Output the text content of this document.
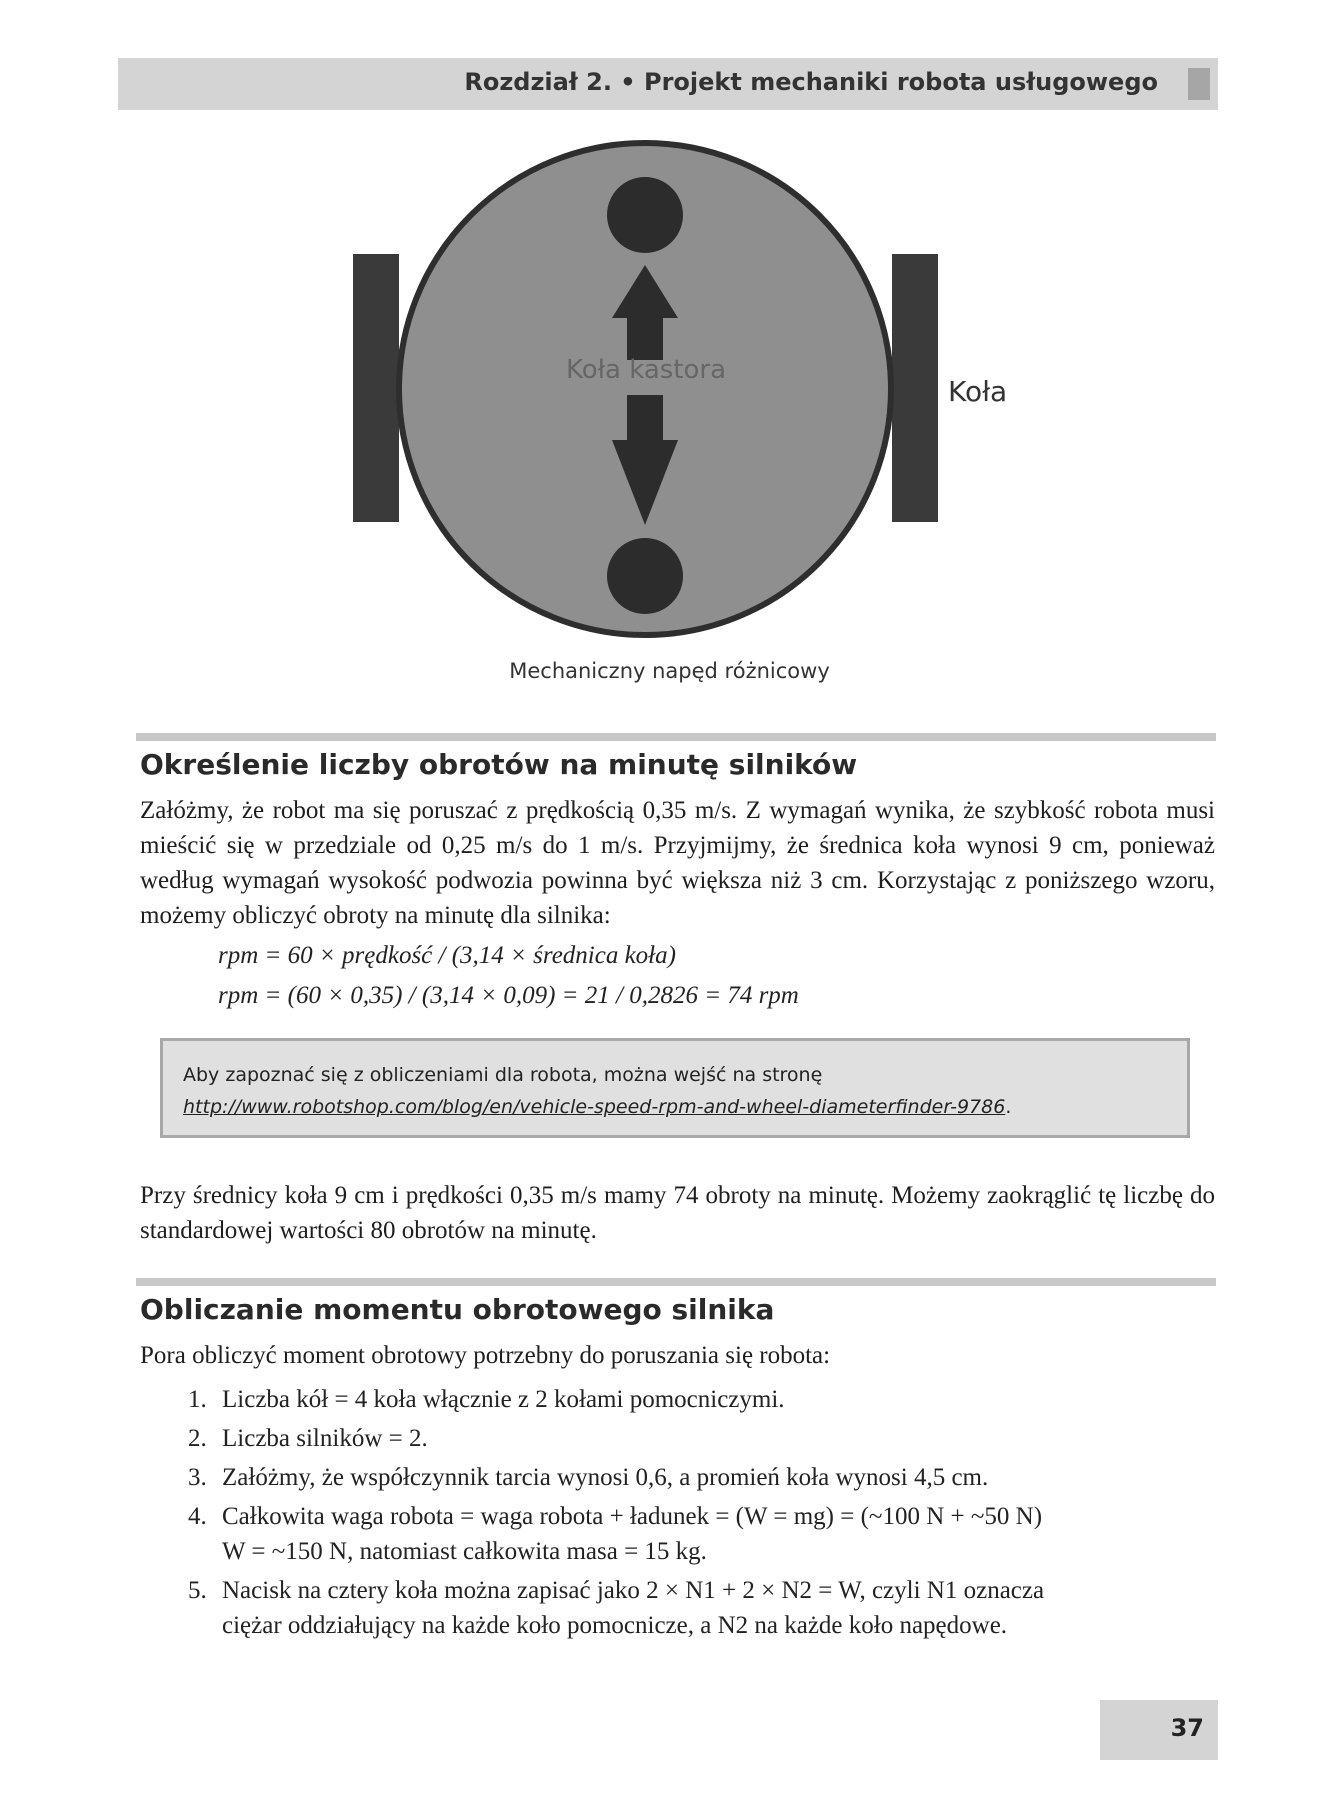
Rozdział 2. • Projekt mechaniki robota usługowego
Koła kastora
Koła
Mechaniczny napęd różnicowy
Określenie liczby obrotów na minutę silników
Załóżmy, że robot ma się poruszać z prędkością 0,35 m/s. Z wymagań wynika, że szybkość robota musi mieścić się w przedziale od 0,25 m/s do 1 m/s. Przyjmijmy, że średnica koła wynosi 9 cm, ponieważ według wymagań wysokość podwozia powinna być większa niż 3 cm. Korzystając z poniższego wzoru, możemy obliczyć obroty na minutę dla silnika:
rpm = 60 × prędkość / (3,14 × średnica koła)
rpm = (60 × 0,35) / (3,14 × 0,09) = 21 / 0,2826 = 74 rpm
Aby zapoznać się z obliczeniami dla robota, można wejść na stronę http://www.robotshop.com/blog/en/vehicle-speed-rpm-and-wheel-diameterfinder-9786.
Przy średnicy koła 9 cm i prędkości 0,35 m/s mamy 74 obroty na minutę. Możemy zaokrąglić tę liczbę do standardowej wartości 80 obrotów na minutę.
Obliczanie momentu obrotowego silnika
Pora obliczyć moment obrotowy potrzebny do poruszania się robota:
1. Liczba kół = 4 koła włącznie z 2 kołami pomocniczymi.
2. Liczba silników = 2.
3. Załóżmy, że współczynnik tarcia wynosi 0,6, a promień koła wynosi 4,5 cm.
4. Całkowita waga robota = waga robota + ładunek = (W = mg) = (~100 N + ~50 N)
W = ~150 N, natomiast całkowita masa = 15 kg.
5. Nacisk na cztery koła można zapisać jako 2 × N1 + 2 × N2 = W, czyli N1 oznacza
ciężar oddziałujący na każde koło pomocnicze, a N2 na każde koło napędowe.
37
